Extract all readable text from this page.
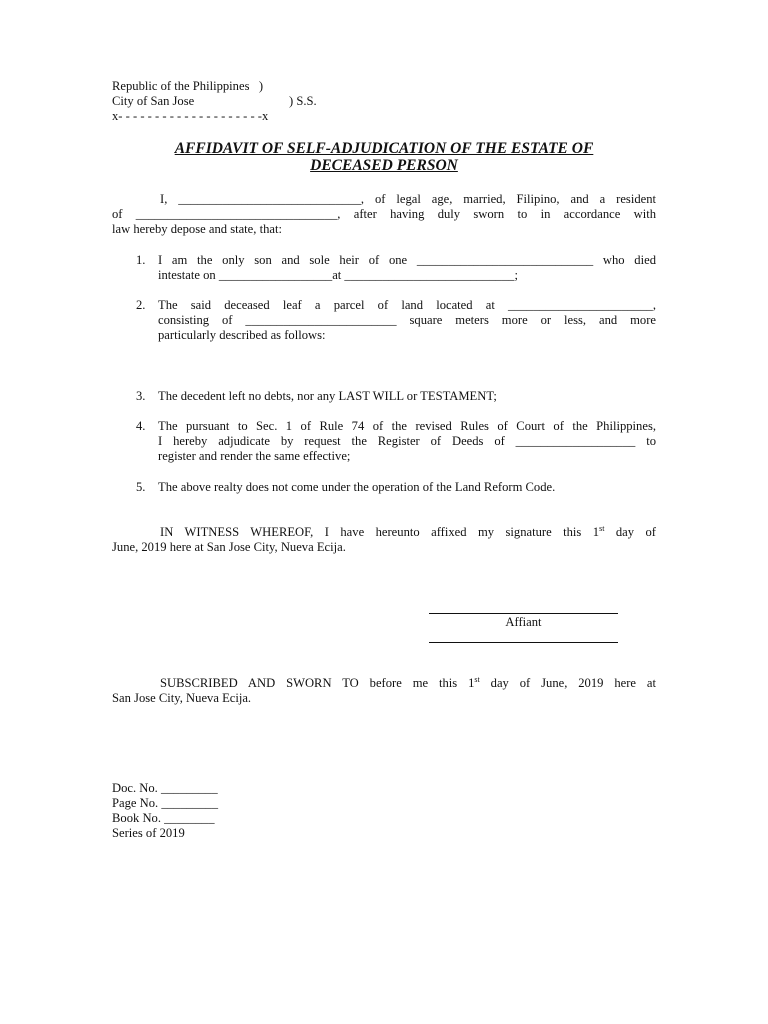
Republic of the Philippines   )
City of San Jose	) S.S.
x- - - - - - - - - - - - - - - - - - - -x
AFFIDAVIT OF SELF-ADJUDICATION OF THE ESTATE OF
DECEASED PERSON
I, _____________________________, of legal age, married, Filipino, and a resident
of ________________________________, after having duly sworn to in accordance with
law hereby depose and state, that:
1. I am the only son and sole heir of one ____________________________ who died
intestate on __________________at ___________________________;
2. The said deceased leaf a parcel of land located at _______________________,
consisting of ________________________ square meters more or less, and more
particularly described as follows:
3. The decedent left no debts, nor any LAST WILL or TESTAMENT;
4. The pursuant to Sec. 1 of Rule 74 of the revised Rules of Court of the Philippines,
I hereby adjudicate by request the Register of Deeds of ___________________ to
register and render the same effective;
5. The above realty does not come under the operation of the Land Reform Code.
IN WITNESS WHEREOF, I have hereunto affixed my signature this 1st day of
June, 2019 here at San Jose City, Nueva Ecija.
Affiant
SUBSCRIBED AND SWORN TO before me this 1st day of June, 2019 here at
San Jose City, Nueva Ecija.
Doc. No. _________
Page No. _________
Book No. ________
Series of 2019
